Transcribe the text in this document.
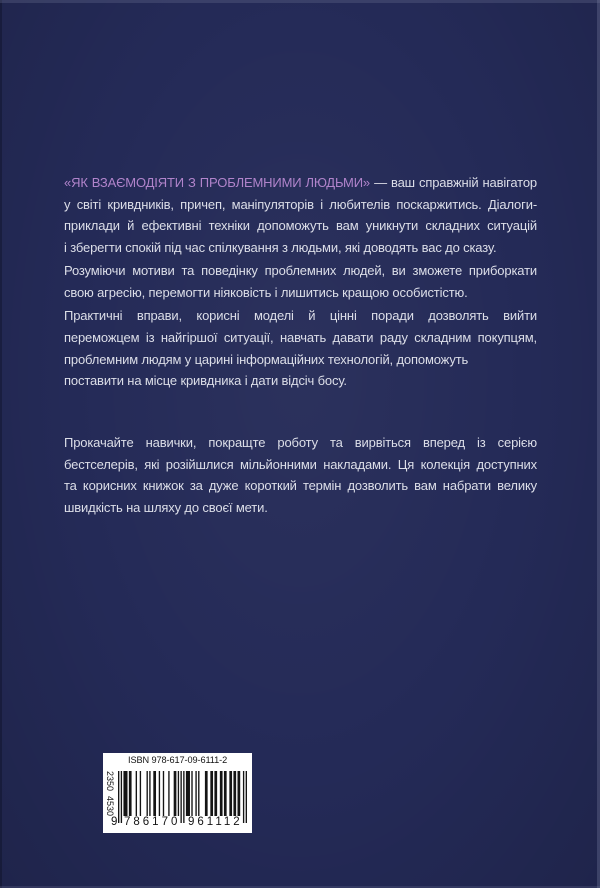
«ЯК ВЗАЄМОДІЯТИ З ПРОБЛЕМНИМИ ЛЮДЬМИ» — ваш справжній навігатор
у світі кривдників, причеп, маніпуляторів і любителів поскаржитись. Діалоги-
приклади й ефективні техніки допоможуть вам уникнути складних ситуацій
і зберегти спокій під час спілкування з людьми, які доводять вас до сказу.
Розуміючи мотиви та поведінку проблемних людей, ви зможете приборкати
свою агресію, перемогти ніяковість і лишитись кращою особистістю.
Практичні вправи, корисні моделі й цінні поради дозволять вийти
переможцем із найгіршої ситуації, навчать давати раду складним покупцям,
проблемним людям у царині інформаційних технологій, допоможуть
поставити на місце кривдника і дати відсіч босу.
Прокачайте навички, покращте роботу та вирвіться вперед із серією
бестселерів, які розійшлися мільйонними накладами. Ця колекція доступних
та корисних книжок за дуже короткий термін дозволить вам набрати велику
швидкість на шляху до своєї мети.
ISBN 978-617-09-6111-2
2350
4530
9 786170 961112
